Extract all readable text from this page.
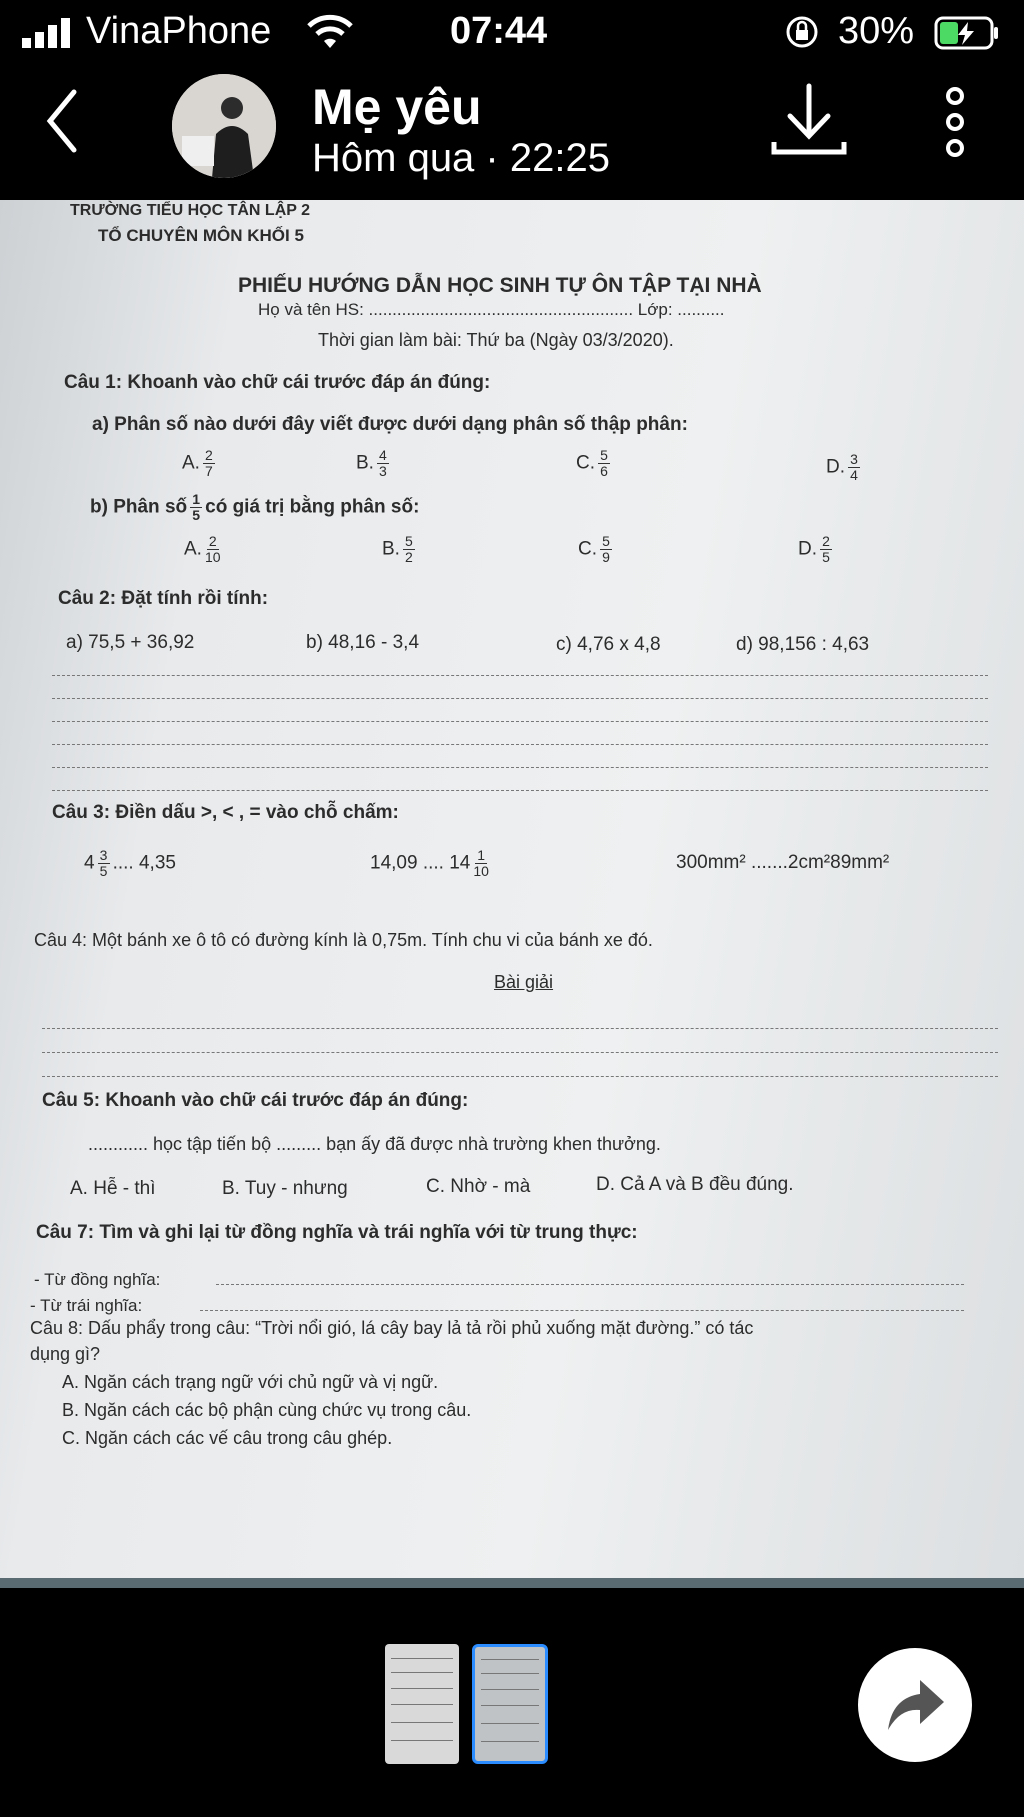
VinaPhone	07:44	30%
Mẹ yêu
Hôm qua · 22:25
TRƯỜNG TIỂU HỌC TÂN LẬP 2
TỔ CHUYÊN MÔN KHỐI 5
PHIẾU HƯỚNG DẪN HỌC SINH TỰ ÔN TẬP TẠI NHÀ
Họ và tên HS: ........................................................ Lớp: ..........
Thời gian làm bài: Thứ ba (Ngày 03/3/2020).
Câu 1: Khoanh vào chữ cái trước đáp án đúng:
a) Phân số nào dưới đây viết được dưới dạng phân số thập phân:
A. $\frac{2}{7}$	B. $\frac{4}{3}$	C. $\frac{5}{6}$	D. $\frac{3}{4}$
b) Phân số $\frac{1}{5}$ có giá trị bằng phân số:
A. $\frac{2}{10}$	B. $\frac{5}{2}$	C. $\frac{5}{9}$	D. $\frac{2}{5}$
Câu 2: Đặt tính rồi tính:
a) 75,5 + 36,92	b) 48,16 - 3,4	c) 4,76 x 4,8	d) 98,156 : 4,63
Câu 3: Điền dấu >, < , = vào chỗ chấm:
$4 \frac{3}{5}$ .... 4,35	14,09 .... $14 \frac{1}{10}$	300mm² .......2cm²89mm²
Câu 4: Một bánh xe ô tô có đường kính là 0,75m. Tính chu vi của bánh xe đó.
Bài giải
Câu 5: Khoanh vào chữ cái trước đáp án đúng:
............ học tập tiến bộ ......... bạn ấy đã được nhà trường khen thưởng.
A. Hễ - thì	B. Tuy - nhưng	C. Nhờ - mà	D. Cả A và B đều đúng.
Câu 7: Tìm và ghi lại từ đồng nghĩa và trái nghĩa với từ trung thực:
- Từ đồng nghĩa:
- Từ trái nghĩa:
Câu 8: Dấu phẩy trong câu: “Trời nổi gió, lá cây bay lả tả rồi phủ xuống mặt đường.” có tác
dụng gì?
A. Ngăn cách trạng ngữ với chủ ngữ và vị ngữ.
B. Ngăn cách các bộ phận cùng chức vụ trong câu.
C. Ngăn cách các vế câu trong câu ghép.
